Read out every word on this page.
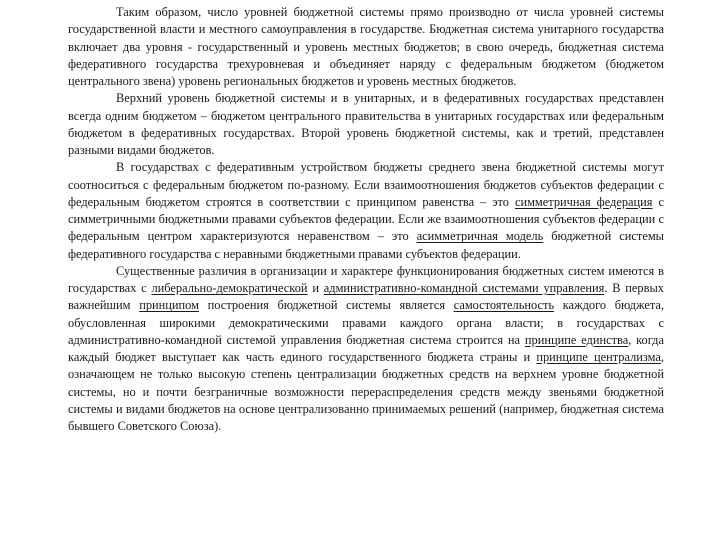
Таким образом, число уровней бюджетной системы прямо производно от числа уровней системы государственной власти и местного самоуправления в государстве. Бюджетная система унитарного государства включает два уровня - государственный и уровень местных бюджетов; в свою очередь, бюджетная система федеративного государства трехуровневая и объединяет наряду с федеральным бюджетом (бюджетом центрального звена) уровень региональных бюджетов и уровень местных бюджетов.

Верхний уровень бюджетной системы и в унитарных, и в федеративных государствах представлен всегда одним бюджетом – бюджетом центрального правительства в унитарных государствах или федеральным бюджетом в федеративных государствах. Второй уровень бюджетной системы, как и третий, представлен разными видами бюджетов.

В государствах с федеративным устройством бюджеты среднего звена бюджетной системы могут соотноситься с федеральным бюджетом по-разному. Если взаимоотношения бюджетов субъектов федерации с федеральным бюджетом строятся в соответствии с принципом равенства – это симметричная федерация с симметричными бюджетными правами субъектов федерации. Если же взаимоотношения субъектов федерации с федеральным центром характеризуются неравенством – это асимметричная модель бюджетной системы федеративного государства с неравными бюджетными правами субъектов федерации.

Существенные различия в организации и характере функционирования бюджетных систем имеются в государствах с либерально-демократической и административно-командной системами управления. В первых важнейшим принципом построения бюджетной системы является самостоятельность каждого бюджета, обусловленная широкими демократическими правами каждого органа власти; в государствах с административно-командной системой управления бюджетная система строится на принципе единства, когда каждый бюджет выступает как часть единого государственного бюджета страны и принципе централизма, означающем не только высокую степень централизации бюджетных средств на верхнем уровне бюджетной системы, но и почти безграничные возможности перераспределения средств между звеньями бюджетной системы и видами бюджетов на основе централизованно принимаемых решений (например, бюджетная система бывшего Советского Союза).
